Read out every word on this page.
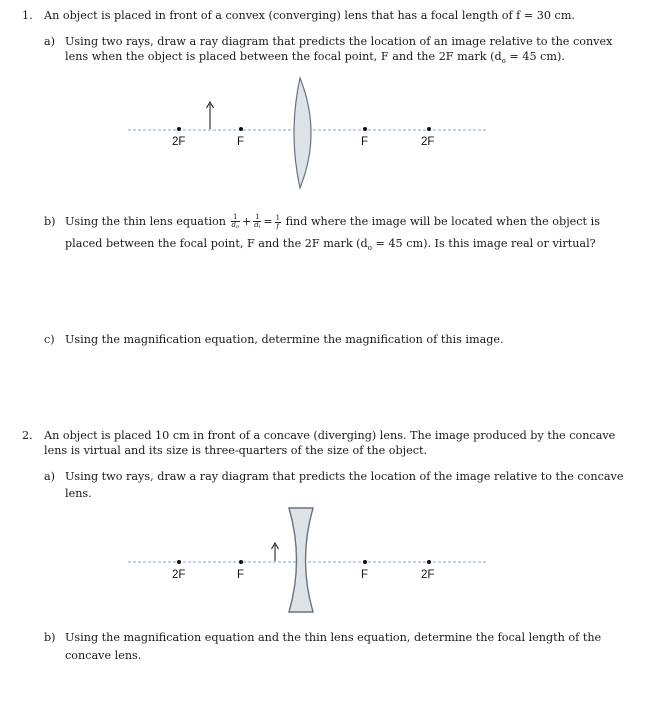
1.	An object is placed in front of a convex (converging) lens that has a focal length of f = 30 cm.
a) Using two rays, draw a ray diagram that predicts the location of an image relative to the convex
lens when the object is placed between the focal point, F and the 2F mark ($d_o = 45$ cm).
2F	F	F	2F
b) Using the thin lens equation $\frac{1}{d_o} + \frac{1}{d_i} = \frac{1}{f}$ find where the image will be located when the object is
placed between the focal point, F and the 2F mark ($d_o = 45$ cm). Is this image real or virtual?
c) Using the magnification equation, determine the magnification of this image.
2.	An object is placed 10 cm in front of a concave (diverging) lens. The image produced by the concave
lens is virtual and its size is three-quarters of the size of the object.
a) Using two rays, draw a ray diagram that predicts the location of the image relative to the concave
lens.
2F	F	F	2F
b) Using the magnification equation and the thin lens equation, determine the focal length of the
concave lens.
